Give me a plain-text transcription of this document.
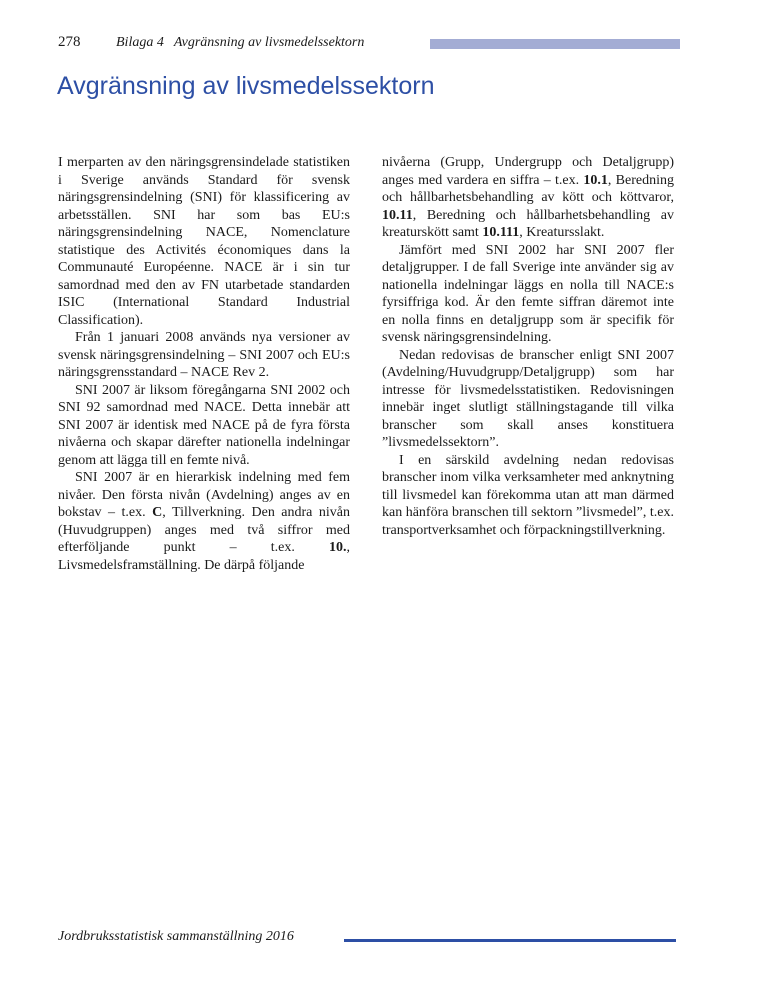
278	Bilaga 4 Avgränsning av livsmedelssektorn
Avgränsning av livsmedelssektorn

I merparten av den näringsgrensindelade statistiken i Sverige används Standard för svensk näringsgrensindelning (SNI) för klassificering av arbetsställen. SNI har som bas EU:s näringsgrensindelning NACE, Nomenclature statistique des Activités économiques dans la Communauté Européenne. NACE är i sin tur samordnad med den av FN utarbetade standarden ISIC (International Standard Industrial Classification).

Från 1 januari 2008 används nya versioner av svensk näringsgrensindelning – SNI 2007 och EU:s näringsgrensstandard – NACE Rev 2.

SNI 2007 är liksom föregångarna SNI 2002 och SNI 92 samordnad med NACE. Detta innebär att SNI 2007 är identisk med NACE på de fyra första nivåerna och skapar därefter nationella indelningar genom att lägga till en femte nivå.

SNI 2007 är en hierarkisk indelning med fem nivåer. Den första nivån (Avdelning) anges av en bokstav – t.ex. C, Tillverkning. Den andra nivån (Huvudgruppen) anges med två siffror med efterföljande punkt – t.ex. 10., Livsmedelsframställning. De därpå följande

nivåerna (Grupp, Undergrupp och Detaljgrupp) anges med vardera en siffra – t.ex. 10.1, Beredning och hållbarhetsbehandling av kött och köttvaror, 10.11, Beredning och hållbarhetsbehandling av kreaturskött samt 10.111, Kreatursslakt.

Jämfört med SNI 2002 har SNI 2007 fler detaljgrupper. I de fall Sverige inte använder sig av nationella indelningar läggs en nolla till NACE:s fyrsiffriga kod. Är den femte siffran däremot inte en nolla finns en detaljgrupp som är specifik för svensk näringsgrensindelning.

Nedan redovisas de branscher enligt SNI 2007 (Avdelning/Huvudgrupp/Detaljgrupp) som har intresse för livsmedelsstatistiken. Redovisningen innebär inget slutligt ställningstagande till vilka branscher som skall anses konstituera ”livsmedelssektorn”.

I en särskild avdelning nedan redovisas branscher inom vilka verksamheter med anknytning till livsmedel kan förekomma utan att man därmed kan hänföra branschen till sektorn ”livsmedel”, t.ex. transportverksamhet och förpackningstillverkning.

Jordbruksstatistisk sammanställning 2016
